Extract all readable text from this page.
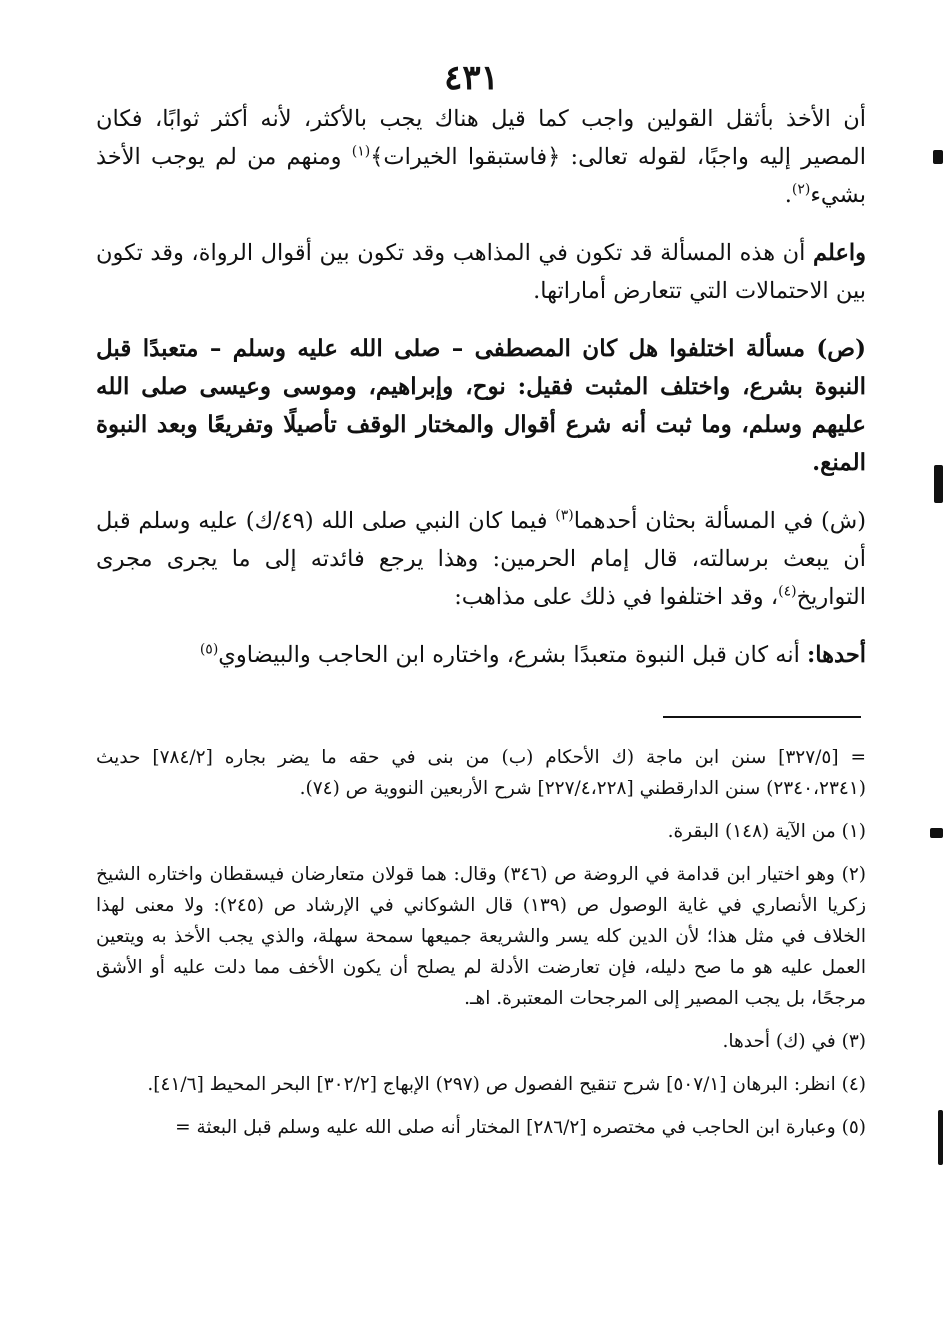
٤٣١

أن الأخذ بأثقل القولين واجب كما قيل هناك يجب بالأكثر، لأنه أكثر ثوابًا، فكان المصير إليه واجبًا، لقوله تعالى: ﴿فاستبقوا الخيرات﴾$^{(١)}$ ومنهم من لم يوجب الأخذ بشيء$^{(٢)}$.

واعلم أن هذه المسألة قد تكون في المذاهب وقد تكون بين أقوال الرواة، وقد تكون بين الاحتمالات التي تتعارض أماراتها.

(ص) مسألة اختلفوا هل كان المصطفى – صلى الله عليه وسلم – متعبدًا قبل النبوة بشرع، واختلف المثبت فقيل: نوح، وإبراهيم، وموسى وعيسى صلى الله عليهم وسلم، وما ثبت أنه شرع أقوال والمختار الوقف تأصيلًا وتفريعًا وبعد النبوة المنع.

(ش) في المسألة بحثان أحدهما$^{(٣)}$ فيما كان النبي صلى الله (٤٩/ك) عليه وسلم قبل أن يبعث برسالته، قال إمام الحرمين: وهذا يرجع فائدته إلى ما يجرى مجرى التواريخ$^{(٤)}$، وقد اختلفوا في ذلك على مذاهب:

أحدها: أنه كان قبل النبوة متعبدًا بشرع، واختاره ابن الحاجب والبيضاوي$^{(٥)}$

= [٣٢٧/٥] سنن ابن ماجة (ك الأحكام (ب) من بنى في حقه ما يضر بجاره [٧٨٤/٢] حديث (٢٣٤٠،٢٣٤١) سنن الدارقطني [٢٢٧/٤،٢٢٨] شرح الأربعين النووية ص (٧٤).

(١) من الآية (١٤٨) البقرة.

(٢) وهو اختيار ابن قدامة في الروضة ص (٣٤٦) وقال: هما قولان متعارضان فيسقطان واختاره الشيخ زكريا الأنصاري في غاية الوصول ص (١٣٩) قال الشوكاني في الإرشاد ص (٢٤٥): ولا معنى لهذا الخلاف في مثل هذا؛ لأن الدين كله يسر والشريعة جميعها سمحة سهلة، والذي يجب الأخذ به ويتعين العمل عليه هو ما صح دليله، فإن تعارضت الأدلة لم يصلح أن يكون الأخف مما دلت عليه أو الأشق مرجحًا، بل يجب المصير إلى المرجحات المعتبرة. اهـ.

(٣) في (ك) أحدها.

(٤) انظر: البرهان [٥٠٧/١] شرح تنقيح الفصول ص (٢٩٧) الإبهاج [٣٠٢/٢] البحر المحيط [٤١/٦].

(٥) وعبارة ابن الحاجب في مختصره [٢٨٦/٢] المختار أنه صلى الله عليه وسلم قبل البعثة =
